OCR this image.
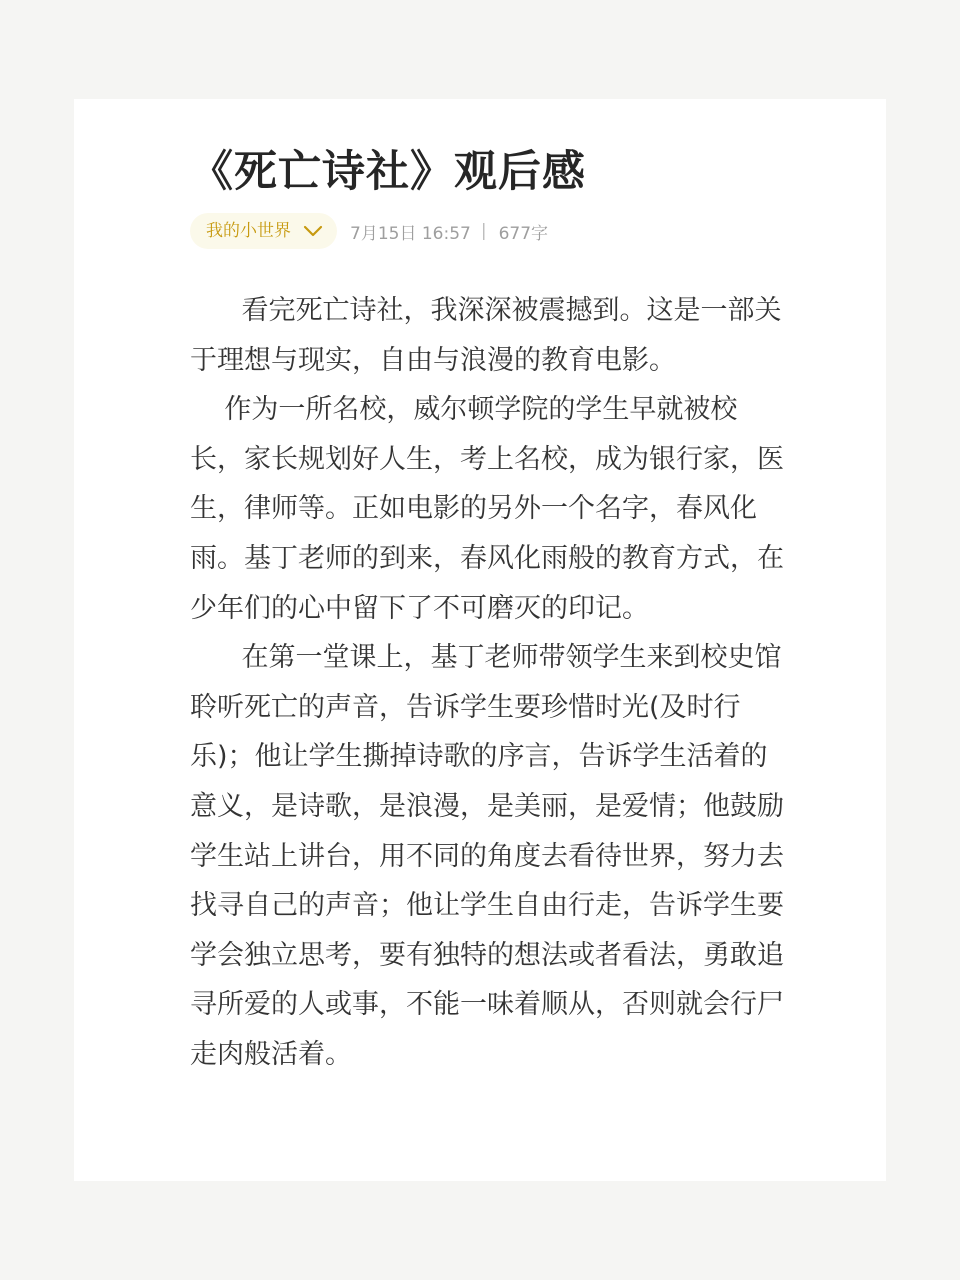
《死亡诗社》观后感
我的小世界	7月15日 16:57 | 677字

看完死亡诗社，我深深被震撼到。这是一部关于理想与现实，自由与浪漫的教育电影。

作为一所名校，威尔顿学院的学生早就被校长，家长规划好人生，考上名校，成为银行家，医生，律师等。正如电影的另外一个名字，春风化雨。基丁老师的到来，春风化雨般的教育方式，在少年们的心中留下了不可磨灭的印记。

在第一堂课上，基丁老师带领学生来到校史馆聆听死亡的声音，告诉学生要珍惜时光(及时行乐)；他让学生撕掉诗歌的序言，告诉学生活着的意义，是诗歌，是浪漫，是美丽，是爱情；他鼓励学生站上讲台，用不同的角度去看待世界，努力去找寻自己的声音；他让学生自由行走，告诉学生要学会独立思考，要有独特的想法或者看法，勇敢追寻所爱的人或事，不能一味着顺从，否则就会行尸走肉般活着。
